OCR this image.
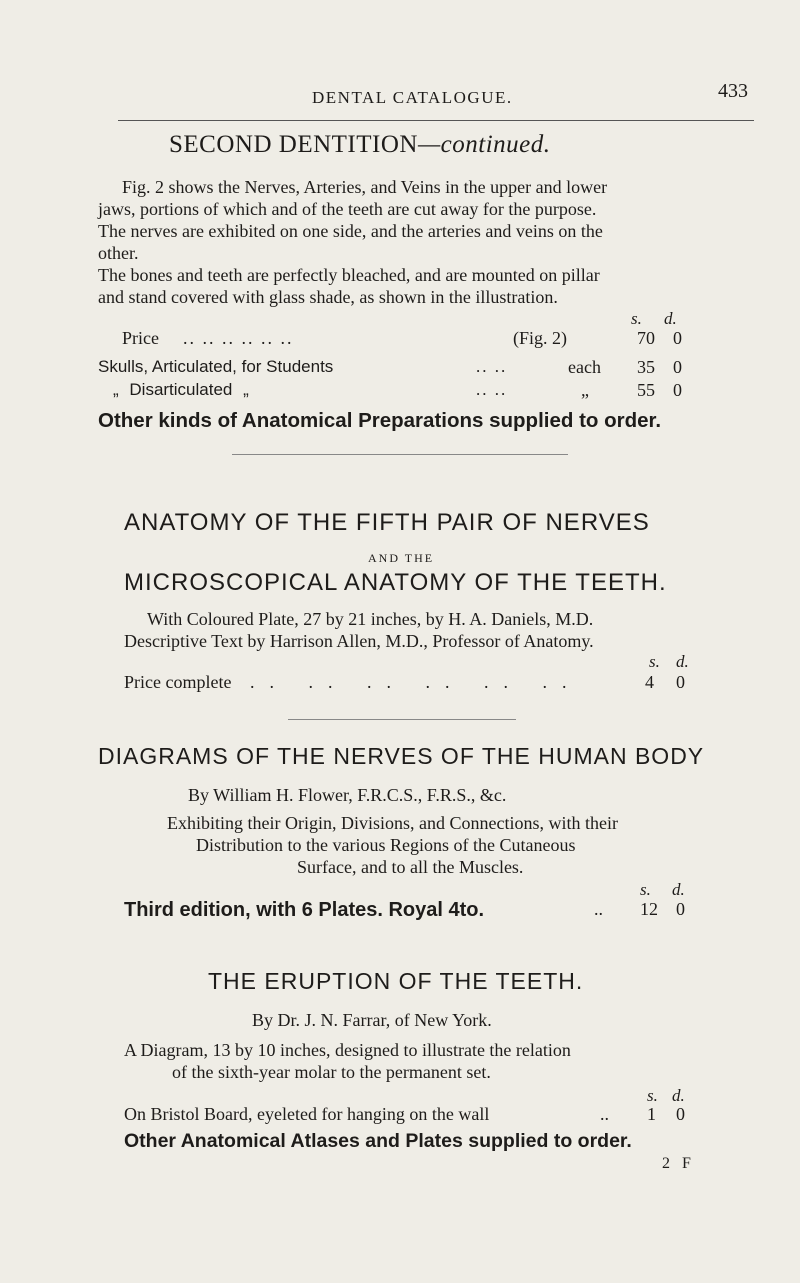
DENTAL CATALOGUE.	433
SECOND DENTITION—continued.
Fig. 2 shows the Nerves, Arteries, and Veins in the upper and lower
jaws, portions of which and of the teeth are cut away for the purpose.
The nerves are exhibited on one side, and the arteries and veins on the
other.
The bones and teeth are perfectly bleached, and are mounted on pillar
and stand covered with glass shade, as shown in the illustration.
s. d.
Price .. .. .. .. .. ..	(Fig. 2)	70	0
Skulls, Articulated, for Students	.. ..	each	35	0
„ Disarticulated „	.. ..	„	55	0
Other kinds of Anatomical Preparations supplied to order.
ANATOMY OF THE FIFTH PAIR OF NERVES
AND THE
MICROSCOPICAL ANATOMY OF THE TEETH.
With Coloured Plate, 27 by 21 inches, by H. A. Daniels, M.D.
Descriptive Text by Harrison Allen, M.D., Professor of Anatomy.
s. d.
Price complete .. .. .. .. .. ..	4	0
DIAGRAMS OF THE NERVES OF THE HUMAN BODY
By William H. Flower, F.R.C.S., F.R.S., &c.
Exhibiting their Origin, Divisions, and Connections, with their
Distribution to the various Regions of the Cutaneous
Surface, and to all the Muscles.
s. d.
Third edition, with 6 Plates. Royal 4to.	..	12	0
THE ERUPTION OF THE TEETH.
By Dr. J. N. Farrar, of New York.
A Diagram, 13 by 10 inches, designed to illustrate the relation
of the sixth-year molar to the permanent set.
s. d.
On Bristol Board, eyeleted for hanging on the wall	..	1	0
Other Anatomical Atlases and Plates supplied to order.
2 F
